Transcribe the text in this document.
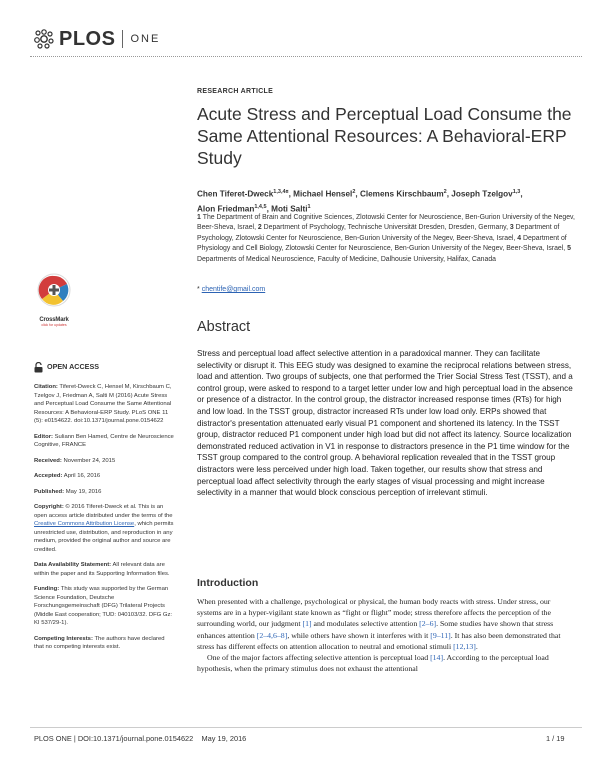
PLOS ONE
RESEARCH ARTICLE
Acute Stress and Perceptual Load Consume the Same Attentional Resources: A Behavioral-ERP Study
Chen Tiferet-Dweck$^{1,3,4¤}$, Michael Hensel$^2$, Clemens Kirschbaum$^2$, Joseph Tzelgov$^{1,3}$,
Alon Friedman$^{1,4,5}$, Moti Salti$^1$
1 The Department of Brain and Cognitive Sciences, Zlotowski Center for Neuroscience, Ben-Gurion University of the Negev, Beer-Sheva, Israel, 2 Department of Psychology, Technische Universität Dresden, Dresden, Germany, 3 Department of Psychology, Zlotowski Center for Neuroscience, Ben-Gurion University of the Negev, Beer-Sheva, Israel, 4 Department of Physiology and Cell Biology, Zlotowski Center for Neuroscience, Ben-Gurion University of the Negev, Beer-Sheva, Israel, 5 Departments of Medical Neuroscience, Faculty of Medicine, Dalhousie University, Halifax, Canada
* chentife@gmail.com
Abstract
Stress and perceptual load affect selective attention in a paradoxical manner. They can facilitate selectivity or disrupt it. This EEG study was designed to examine the reciprocal relations between stress, load and attention. Two groups of subjects, one that performed the Trier Social Stress Test (TSST), and a control group, were asked to respond to a target letter under low and high perceptual load in the absence or presence of a distractor. In the control group, the distractor increased response times (RTs) for high and low load. In the TSST group, distractor increased RTs under low load only. ERPs showed that distractor's presentation attenuated early visual P1 component and shortened its latency. In the TSST group, distractor reduced P1 component under high load but did not affect its latency. Source localization demonstrated reduced activation in V1 in response to distractors presence in the P1 time window for the TSST group compared to the control group. A behavioral replication revealed that in the TSST group distractors were less perceived under high load. Taken together, our results show that stress and perceptual load affect selectivity through the early stages of visual processing and might increase selectivity in a manner that would block conscious perception of irrelevant stimuli.
Introduction

When presented with a challenge, psychological or physical, the human body reacts with stress. Under stress, our systems are in a hyper-vigilant state known as “fight or flight” mode; stress therefore affects the perception of the surrounding world, our judgment [1] and modulates selective attention [2–6]. Some studies have shown that stress enhances attention [2–4,6–8], while others have shown it interferes with it [9–11]. It has also been demonstrated that stress has different effects on attention allocation to neutral and emotional stimuli [12,13].

One of the major factors affecting selective attention is perceptual load [14]. According to the perceptual load hypothesis, when the primary stimulus does not exhaust the attentional

CrossMark
click for updates
OPEN ACCESS
Citation: Tiferet-Dweck C, Hensel M, Kirschbaum C, Tzelgov J, Friedman A, Salti M (2016) Acute Stress and Perceptual Load Consume the Same Attentional Resources: A Behavioral-ERP Study. PLoS ONE 11 (5): e0154622. doi:10.1371/journal.pone.0154622
Editor: Suliann Ben Hamed, Centre de Neuroscience Cognitive, FRANCE
Received: November 24, 2015
Accepted: April 16, 2016
Published: May 19, 2016
Copyright: © 2016 Tiferet-Dweck et al. This is an open access article distributed under the terms of the Creative Commons Attribution License, which permits unrestricted use, distribution, and reproduction in any medium, provided the original author and source are credited.
Data Availability Statement: All relevant data are within the paper and its Supporting Information files.
Funding: This study was supported by the German Science Foundation, Deutsche Forschungsgemeinschaft (DFG) Trilateral Projects (Middle East cooperation; TUD: 040103/32. DFG Gz: KI 537/29-1).
Competing Interests: The authors have declared that no competing interests exist.
PLOS ONE | DOI:10.1371/journal.pone.0154622 May 19, 2016	1 / 19
